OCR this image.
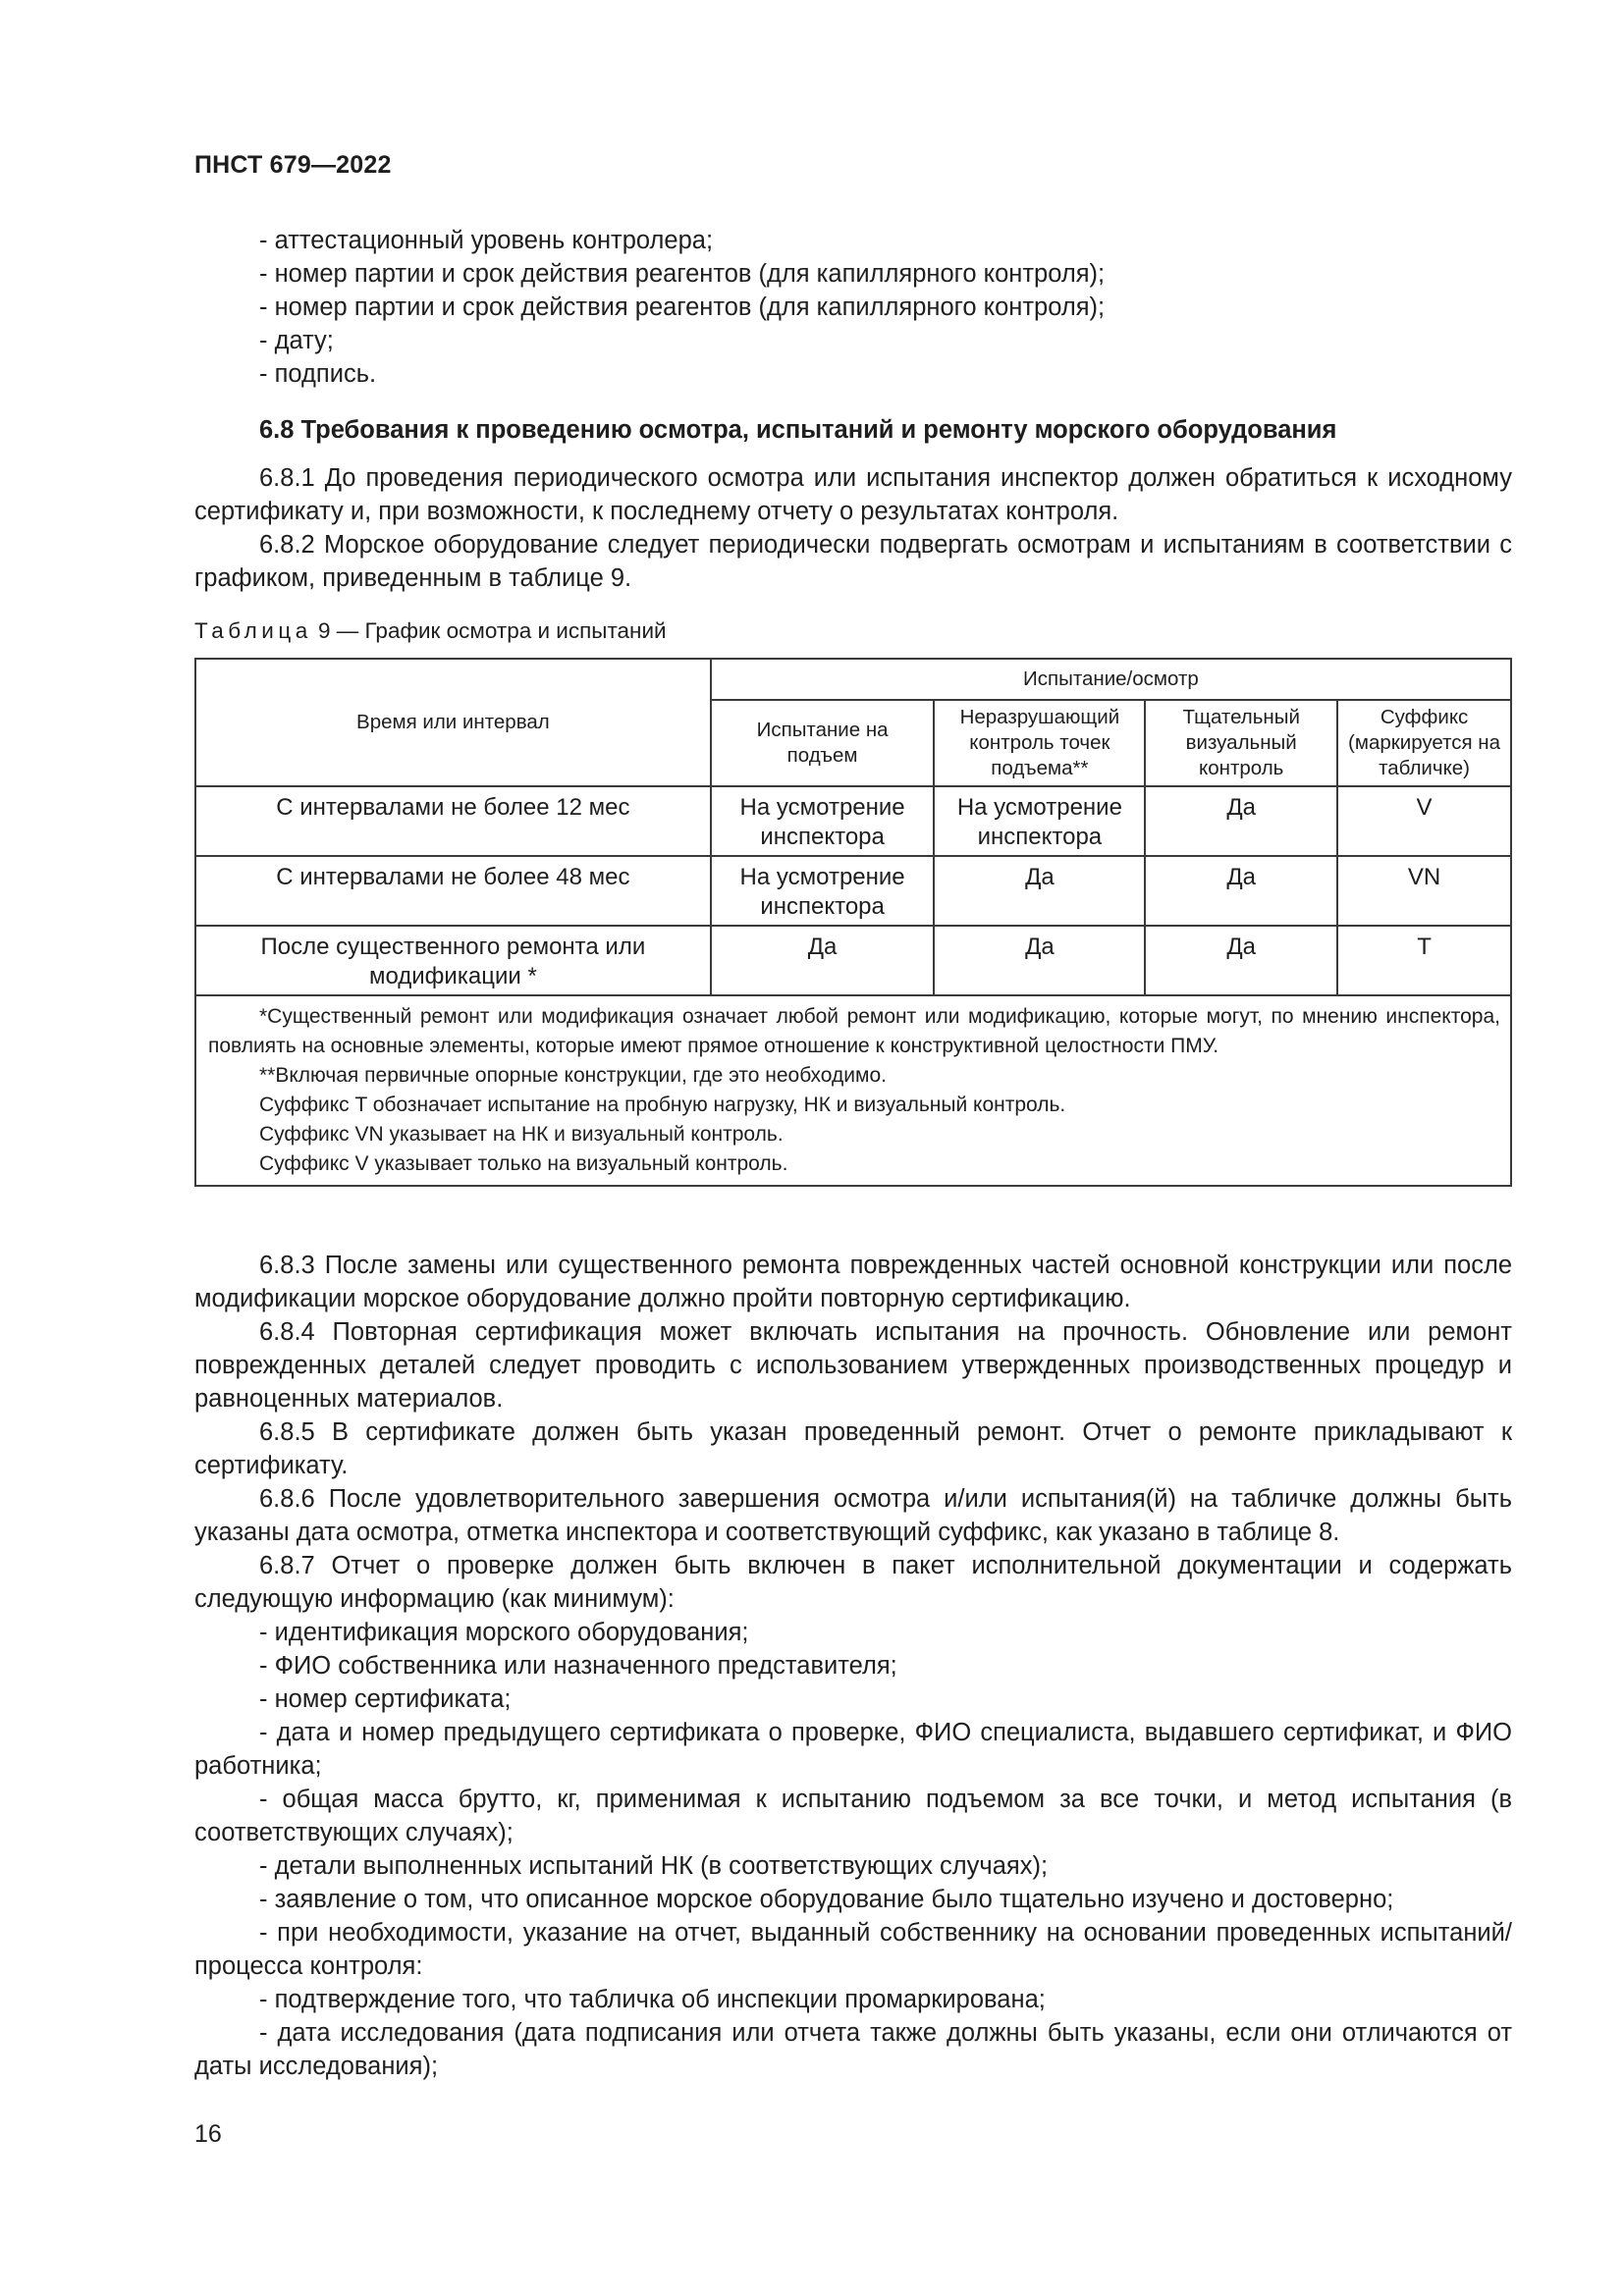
ПНСТ 679—2022

- аттестационный уровень контролера;

- номер партии и срок действия реагентов (для капиллярного контроля);

- номер партии и срок действия реагентов (для капиллярного контроля);

- дату;

- подпись.

6.8 Требования к проведению осмотра, испытаний и ремонту морского оборудования

6.8.1 До проведения периодического осмотра или испытания инспектор должен обратиться к исходному сертификату и, при возможности, к последнему отчету о результатах контроля.

6.8.2 Морское оборудование следует периодически подвергать осмотрам и испытаниям в соответствии с графиком, приведенным в таблице 9.

Таблица 9 — График осмотра и испытаний
Время или интервал	Испытание/осмотр			
	Испытание на подъем	Неразрушающий контроль точек подъема**	Тщательный визуальный контроль	Суффикс (маркируется на табличке)
С интервалами не более 12 мес	На усмотрение инспектора	На усмотрение инспектора	Да	V
С интервалами не более 48 мес	На усмотрение инспектора	Да	Да	VN
После существенного ремонта или модификации *	Да	Да	Да	T

*Существенный ремонт или модификация означает любой ремонт или модификацию, которые могут, по мнению инспектора, повлиять на основные элементы, которые имеют прямое отношение к конструктивной целостности ПМУ.

**Включая первичные опорные конструкции, где это необходимо.

Суффикс T обозначает испытание на пробную нагрузку, НК и визуальный контроль.

Суффикс VN указывает на НК и визуальный контроль.

Суффикс V указывает только на визуальный контроль.				

6.8.3 После замены или существенного ремонта поврежденных частей основной конструкции или после модификации морское оборудование должно пройти повторную сертификацию.

6.8.4 Повторная сертификация может включать испытания на прочность. Обновление или ремонт поврежденных деталей следует проводить с использованием утвержденных производственных процедур и равноценных материалов.

6.8.5 В сертификате должен быть указан проведенный ремонт. Отчет о ремонте прикладывают к сертификату.

6.8.6 После удовлетворительного завершения осмотра и/или испытания(й) на табличке должны быть указаны дата осмотра, отметка инспектора и соответствующий суффикс, как указано в таблице 8.

6.8.7 Отчет о проверке должен быть включен в пакет исполнительной документации и содержать следующую информацию (как минимум):

- идентификация морского оборудования;

- ФИО собственника или назначенного представителя;

- номер сертификата;

- дата и номер предыдущего сертификата о проверке, ФИО специалиста, выдавшего сертификат, и ФИО работника;

- общая масса брутто, кг, применимая к испытанию подъемом за все точки, и метод испытания (в соответствующих случаях);

- детали выполненных испытаний НК (в соответствующих случаях);

- заявление о том, что описанное морское оборудование было тщательно изучено и достоверно;

- при необходимости, указание на отчет, выданный собственнику на основании проведенных испытаний/процесса контроля:

- подтверждение того, что табличка об инспекции промаркирована;

- дата исследования (дата подписания или отчета также должны быть указаны, если они отличаются от даты исследования);

16
